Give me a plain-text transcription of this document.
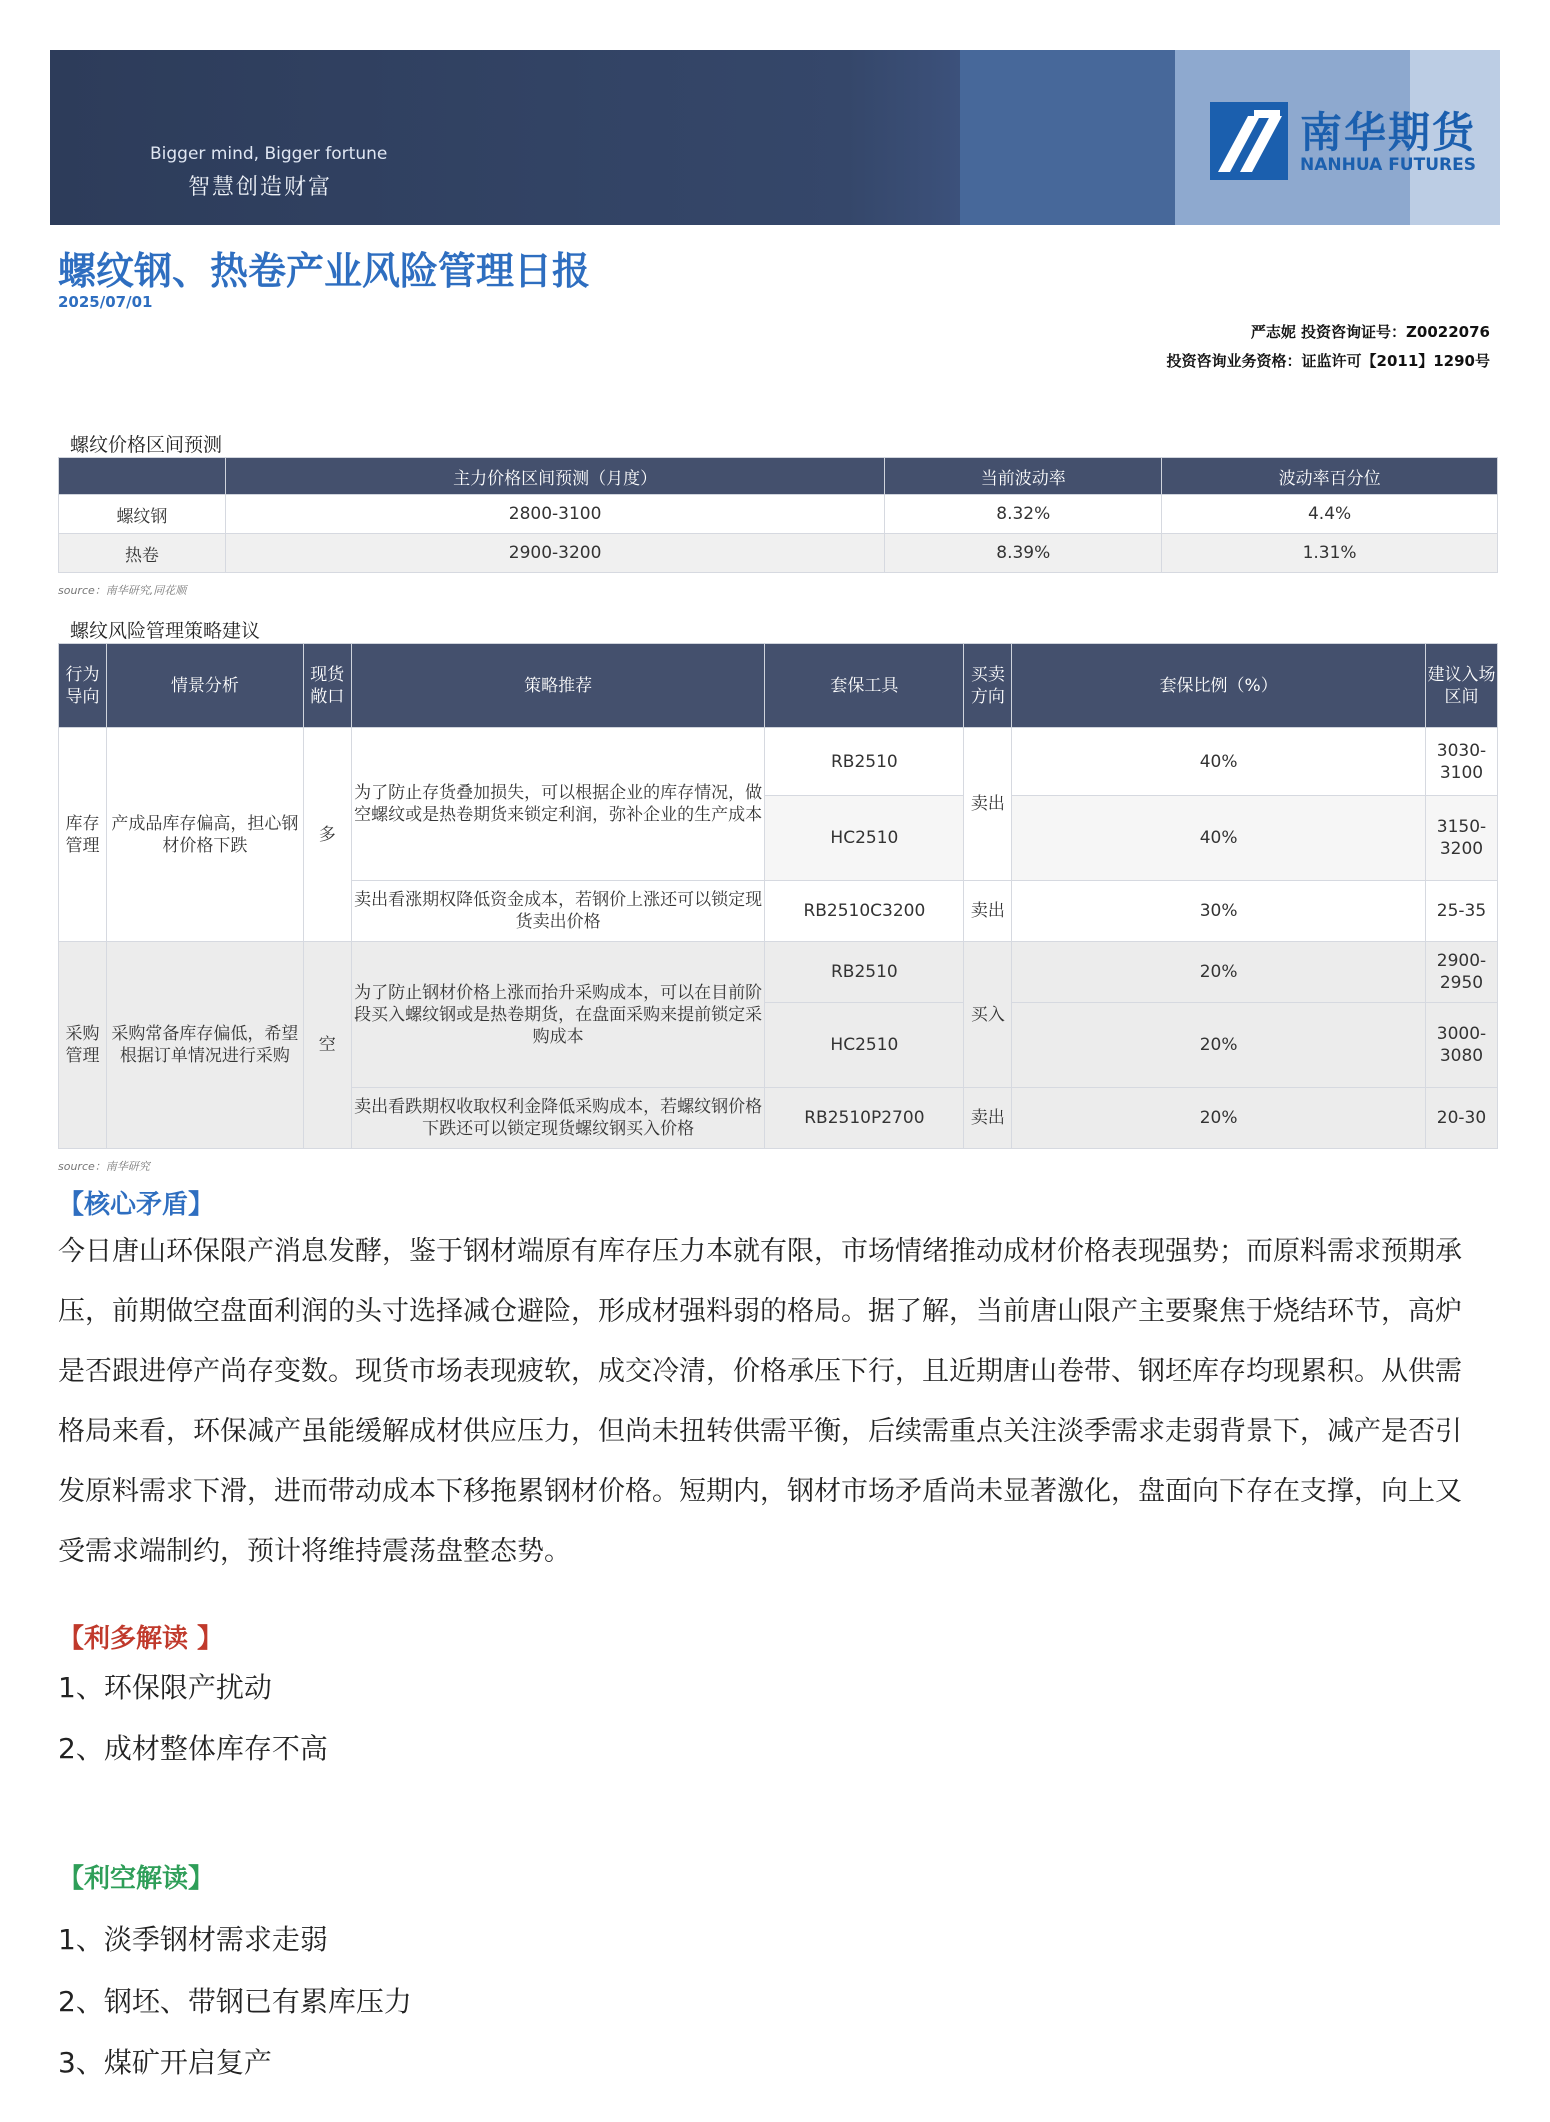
Bigger mind, Bigger fortune
智慧创造财富
南华期货
NANHUA FUTURES
螺纹钢、热卷产业风险管理日报
2025/07/01
严志妮 投资咨询证号：Z0022076
投资咨询业务资格：证监许可【2011】1290号
螺纹价格区间预测
	主力价格区间预测（月度）	当前波动率	波动率百分位
螺纹钢	2800-3100	8.32%	4.4%
热卷	2900-3200	8.39%	1.31%
source：南华研究,同花顺
螺纹风险管理策略建议
行为导向	情景分析	现货敞口	策略推荐	套保工具	买卖方向	套保比例（%）	建议入场区间
库存管理	产成品库存偏高，担心钢材价格下跌	多	为了防止存货叠加损失，可以根据企业的库存情况，做空螺纹或是热卷期货来锁定利润，弥补企业的生产成本	RB2510	卖出	40%	3030-3100
				HC2510		40%	3150-3200
			卖出看涨期权降低资金成本，若钢价上涨还可以锁定现货卖出价格	RB2510C3200	卖出	30%	25-35
采购管理	采购常备库存偏低，希望根据订单情况进行采购	空	为了防止钢材价格上涨而抬升采购成本，可以在目前阶段买入螺纹钢或是热卷期货，在盘面采购来提前锁定采购成本	RB2510	买入	20%	2900-2950
				HC2510		20%	3000-3080
			卖出看跌期权收取权利金降低采购成本，若螺纹钢价格下跌还可以锁定现货螺纹钢买入价格	RB2510P2700	卖出	20%	20-30
source：南华研究
【核心矛盾】
今日唐山环保限产消息发酵，鉴于钢材端原有库存压力本就有限，市场情绪推动成材价格表现强势；而原料需求预期承压，前期做空盘面利润的头寸选择减仓避险，形成材强料弱的格局。据了解，当前唐山限产主要聚焦于烧结环节，高炉是否跟进停产尚存变数。现货市场表现疲软，成交冷清，价格承压下行，且近期唐山卷带、钢坯库存均现累积。从供需格局来看，环保减产虽能缓解成材供应压力，但尚未扭转供需平衡，后续需重点关注淡季需求走弱背景下，减产是否引发原料需求下滑，进而带动成本下移拖累钢材价格。短期内，钢材市场矛盾尚未显著激化，盘面向下存在支撑，向上又受需求端制约，预计将维持震荡盘整态势。
【利多解读 】
1、环保限产扰动
2、成材整体库存不高
【利空解读】
1、淡季钢材需求走弱
2、钢坯、带钢已有累库压力
3、煤矿开启复产
